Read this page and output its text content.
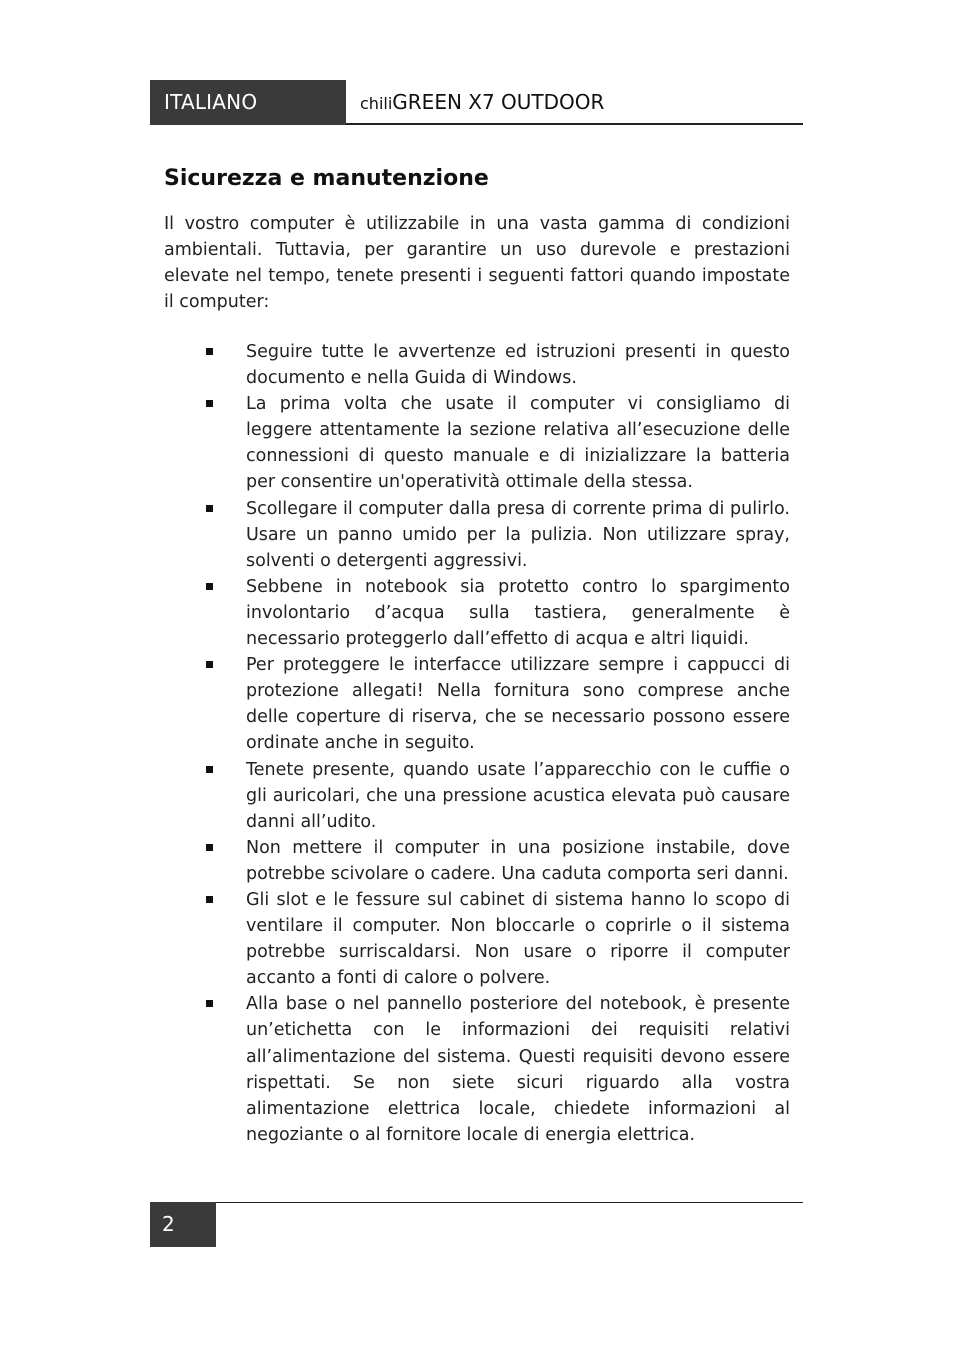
ITALIANO	chiliGREEN X7 OUTDOOR
Sicurezza e manutenzione

Il vostro computer è utilizzabile in una vasta gamma di condizioni ambientali. Tuttavia, per garantire un uso durevole e prestazioni elevate nel tempo, tenete presenti i seguenti fattori quando impostate il computer:

Seguire tutte le avvertenze ed istruzioni presenti in questo documento e nella Guida di Windows.
La prima volta che usate il computer vi consigliamo di leggere attentamente la sezione relativa all’esecuzione delle connessioni di questo manuale e di inizializzare la batteria per consentire un'operatività ottimale della stessa.
Scollegare il computer dalla presa di corrente prima di pulirlo. Usare un panno umido per la pulizia. Non utilizzare spray, solventi o detergenti aggressivi.
Sebbene in notebook sia protetto contro lo spargimento involontario d’acqua sulla tastiera, generalmente è necessario proteggerlo dall’effetto di acqua e altri liquidi.
Per proteggere le interfacce utilizzare sempre i cappucci di protezione allegati! Nella fornitura sono comprese anche delle coperture di riserva, che se necessario possono essere ordinate anche in seguito.
Tenete presente, quando usate l’apparecchio con le cuffie o gli auricolari, che una pressione acustica elevata può causare danni all’udito.
Non mettere il computer in una posizione instabile, dove potrebbe scivolare o cadere. Una caduta comporta seri danni.
Gli slot e le fessure sul cabinet di sistema hanno lo scopo di ventilare il computer. Non bloccarle o coprirle o il sistema potrebbe surriscaldarsi. Non usare o riporre il computer accanto a fonti di calore o polvere.
Alla base o nel pannello posteriore del notebook, è presente un’etichetta con le informazioni dei requisiti relativi all’alimentazione del sistema. Questi requisiti devono essere rispettati. Se non siete sicuri riguardo alla vostra alimentazione elettrica locale, chiedete informazioni al negoziante o al fornitore locale di energia elettrica.
2
